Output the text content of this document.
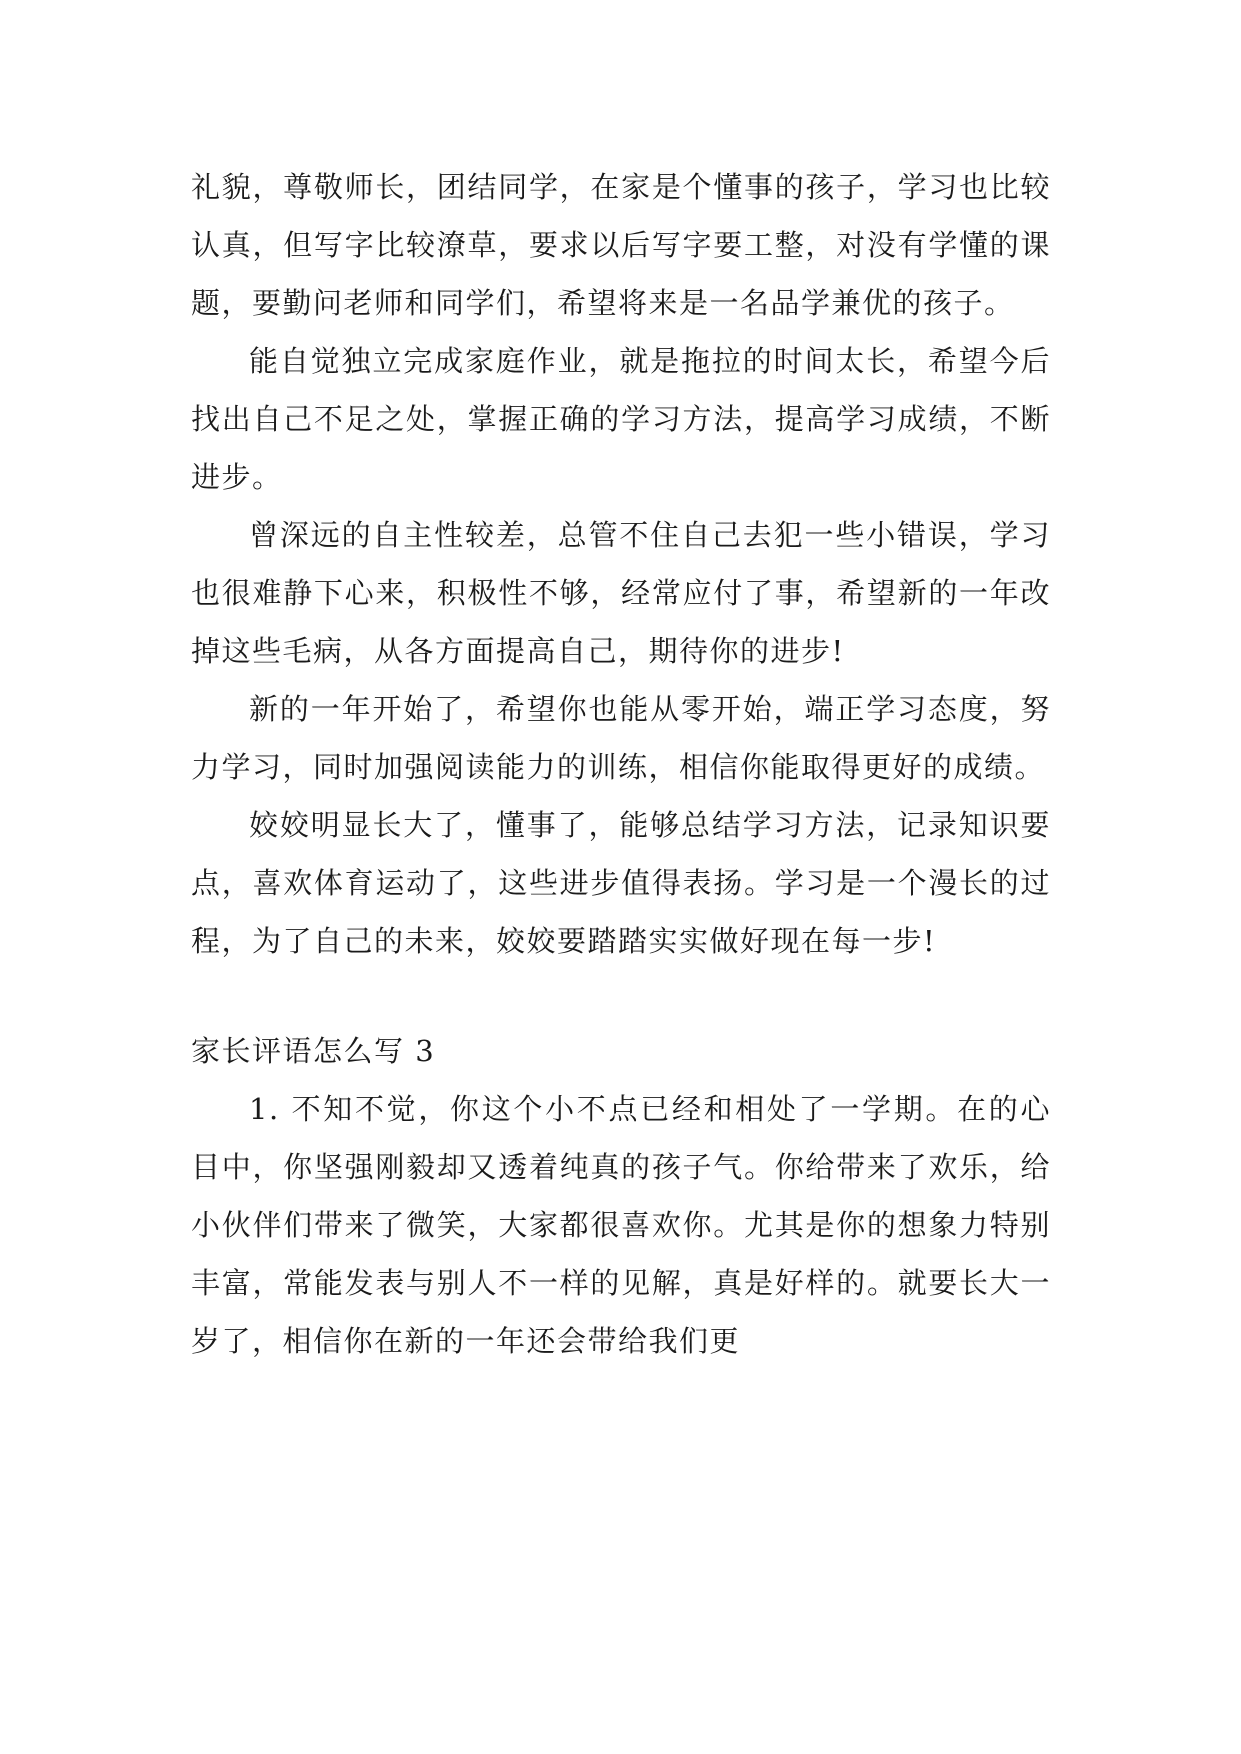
礼貌，尊敬师长，团结同学，在家是个懂事的孩子，学习也比较认真，但写字比较潦草，要求以后写字要工整，对没有学懂的课题，要勤问老师和同学们，希望将来是一名品学兼优的孩子。

能自觉独立完成家庭作业，就是拖拉的时间太长，希望今后找出自己不足之处，掌握正确的学习方法，提高学习成绩，不断进步。

曾深远的自主性较差，总管不住自己去犯一些小错误，学习也很难静下心来，积极性不够，经常应付了事，希望新的一年改掉这些毛病，从各方面提高自己，期待你的进步!

新的一年开始了，希望你也能从零开始，端正学习态度，努力学习，同时加强阅读能力的训练，相信你能取得更好的成绩。

姣姣明显长大了，懂事了，能够总结学习方法，记录知识要点，喜欢体育运动了，这些进步值得表扬。学习是一个漫长的过程，为了自己的未来，姣姣要踏踏实实做好现在每一步!

家长评语怎么写 3

1. 不知不觉，你这个小不点已经和相处了一学期。在的心目中，你坚强刚毅却又透着纯真的孩子气。你给带来了欢乐，给小伙伴们带来了微笑，大家都很喜欢你。尤其是你的想象力特别丰富，常能发表与别人不一样的见解，真是好样的。就要长大一岁了，相信你在新的一年还会带给我们更
